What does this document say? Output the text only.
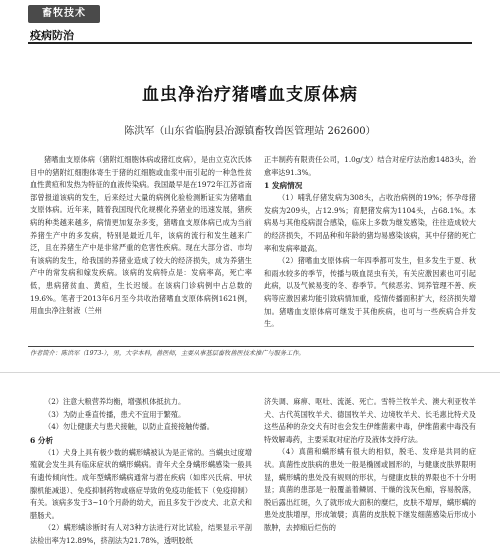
畜牧技术
疫病防治
血虫净治疗猪嗜血支原体病
陈洪军（山东省临朐县冶源镇畜牧兽医管理站 262600）

猪嗜血支原体病（猪附红细胞体病或猪红皮病），是由立克次氏体目中的猪附红细胞体寄生于猪的红细胞或血浆中而引起的一种急性贫血性黄疸和发热为特征的血液传染病。我国最早是在1972年江苏省南部曾报道该病的发生，后来经过大量的病例化验检测断证实为猪嗜血支原体病。近年来，随着我国现代化规模化养猪业的迅速发展，猪疾病的种类越来越多，病情更加复杂多变，猪嗜血支原体病已成为当前养猪生产中的多发病，特别是最近几年，该病的流行和发生越来广泛，且在养猪生产中是非常严重的危害性疾病。现在大部分省、市均有该病的发生，给我国的养猪业造成了较大的经济损失，成为养猪生产中的常发病和嫁发疾病。该病的发病特点是：发病率高，死亡率低，患病猪贫血、黄疸，生长迟缓。在该病门诊病例中占总数的19.6%。笔者于2013年6月至今共收治猪嗜血支原体病例1621例，用血虫净注射液（兰州

正丰制药有限责任公司，1.0g/支）结合对症疗法治愈1483头，治愈率达91.3%。

1 发病情况

（1）哺乳仔猪发病为308头，占收治病例的19%；怀孕母猪发病为209头，占12.9%；育肥猪发病为1104头，占68.1%。本病易与其他疫病混合感染，临床上多数为继发感染，往往造成较大的经济损失，不同品种和年龄的猪均易感染该病，其中仔猪的死亡率和发病率最高。

（2）猪嗜血支原体病一年四季都可发生，但多发生于夏、秋和雨水较多的季节，传播与吸血昆虫有关，有关应激因素也可引起此病，以及气候易变的冬、春季节。气候恶劣、饲养管理不善、疾病等应激因素均能引致病情加重，疫情传播面积扩大，经济损失增加。猪嗜血支原体病可继发于其他疾病，也可与一些疾病合并发生。

作者简介：陈洪军（1973-），男，大学本科，兽医师，主要从事基层畜牧兽医技术推广与服务工作。

（2）注意大粮营养均衡，增强机体抵抗力。

（3）为防止垂直传播，患犬不宜用于繁殖。

（4）勿让健康犬与患犬接触，以防止直接接触传播。

6 分析

（1）犬身上具有极少数的螨形螨被认为是正常的。当螨虫过度增殖就会发生具有临床症状的螨形螨病。青年犬全身螨形螨感染一般具有遗传倾向性。成年型螨形螨病通常与潜在疾病（如库兴氏病、甲状腺机能减退）、免疫抑制药物或癌症导致的免疫功能低下（免疫抑制）有关。该病多发于3~10个月龄的幼犬，而且多发于沙皮犬、北京犬和腊肠犬。

（2）螨形螨诊断时有人对3种方法进行对比试验，结果显示平剖法检出率为12.89%，挤剖法为21.78%，透明胶纸

济失调、麻痹、呕吐、流涎、死亡。雪特兰牧羊犬、澳大利亚牧羊犬、古代英国牧羊犬、德国牧羊犬、边境牧羊犬、长毛惠比特犬及这些品种的杂交犬有时也会发生伊维菌素中毒，伊维菌素中毒没有特效解毒药，主要采取对症治疗及液体支持疗法。

（4）真菌和螨形螨有很大的相似，脱毛、发痒是共同的症状。真菌性皮肤病的患处一般是椭圆或圆形的，与健康皮肤界限明显，螨形螨的患处没有规则的形状，与健康皮肤的界限也不十分明显；真菌的患部是一般覆盖着鳞屑、干燥的浅灰色痂，容易脱落，脱后露出红斑，久了就形成大面积的糜烂，皮肤不增厚，螨形螨的患处皮肤增厚，形成皱襞；真菌的皮肤脱下继发细菌感染后形成小脓肿，去掉痂后烂伤的
